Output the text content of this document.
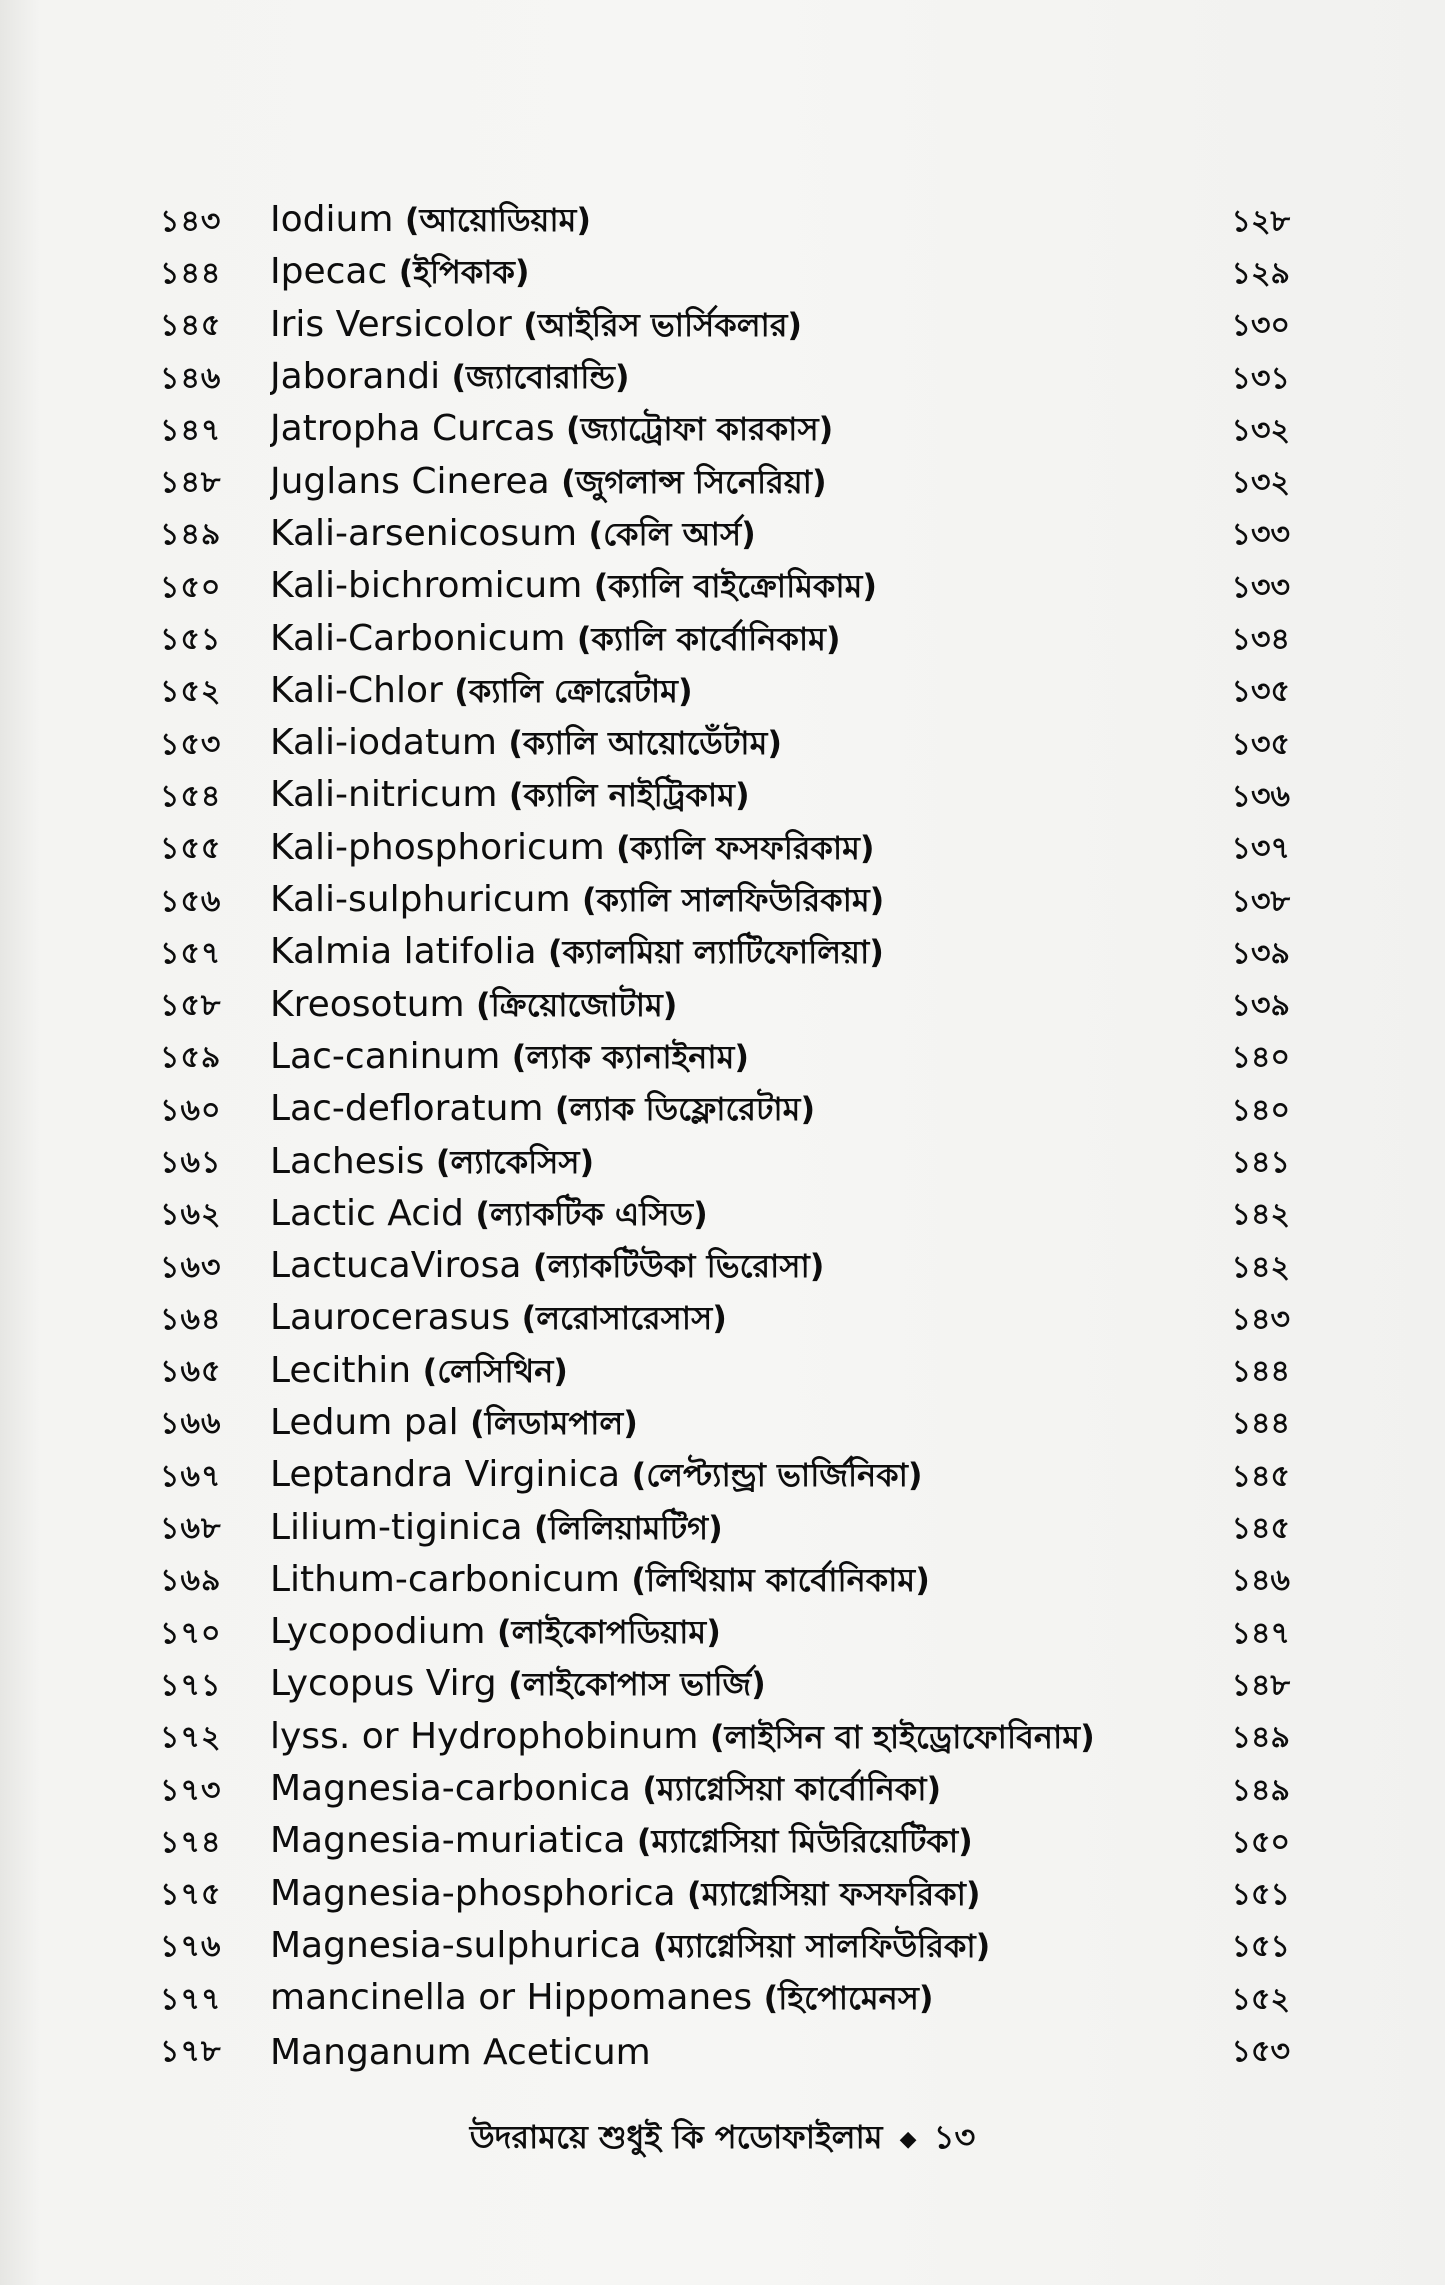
১৪৩	Iodium (আয়োডিয়াম)	১২৮
১৪৪	Ipecac (ইপিকাক)	১২৯
১৪৫	Iris Versicolor (আইরিস ভার্সিকলার)	১৩০
১৪৬	Jaborandi (জ্যাবোরান্ডি)	১৩১
১৪৭	Jatropha Curcas (জ্যাট্রোফা কারকাস)	১৩২
১৪৮	Juglans Cinerea (জুগলান্স সিনেরিয়া)	১৩২
১৪৯	Kali-arsenicosum (কেলি আর্স)	১৩৩
১৫০	Kali-bichromicum (ক্যালি বাইক্রোমিকাম)	১৩৩
১৫১	Kali-Carbonicum (ক্যালি কার্বোনিকাম)	১৩৪
১৫২	Kali-Chlor (ক্যালি ক্রোরেটাম)	১৩৫
১৫৩	Kali-iodatum (ক্যালি আয়োডেঁটাম)	১৩৫
১৫৪	Kali-nitricum (ক্যালি নাইট্রিকাম)	১৩৬
১৫৫	Kali-phosphoricum (ক্যালি ফসফরিকাম)	১৩৭
১৫৬	Kali-sulphuricum (ক্যালি সালফিউরিকাম)	১৩৮
১৫৭	Kalmia latifolia (ক্যালমিয়া ল্যাটিফোলিয়া)	১৩৯
১৫৮	Kreosotum (ক্রিয়োজোটাম)	১৩৯
১৫৯	Lac-caninum (ল্যাক ক্যানাইনাম)	১৪০
১৬০	Lac-defloratum (ল্যাক ডিফ্লোরেটাম)	১৪০
১৬১	Lachesis (ল্যাকেসিস)	১৪১
১৬২	Lactic Acid (ল্যাকটিক এসিড)	১৪২
১৬৩	LactucaVirosa (ল্যাকটিউকা ভিরোসা)	১৪২
১৬৪	Laurocerasus (লরোসারেসাস)	১৪৩
১৬৫	Lecithin (লেসিথিন)	১৪৪
১৬৬	Ledum pal (লিডামপাল)	১৪৪
১৬৭	Leptandra Virginica (লেপ্ট্যান্ড্রা ভার্জিনিকা)	১৪৫
১৬৮	Lilium-tiginica (লিলিয়ামটিগ)	১৪৫
১৬৯	Lithum-carbonicum (লিথিয়াম কার্বোনিকাম)	১৪৬
১৭০	Lycopodium (লাইকোপডিয়াম)	১৪৭
১৭১	Lycopus Virg (লাইকোপাস ভার্জি)	১৪৮
১৭২	lyss. or Hydrophobinum (লাইসিন বা হাইড্রোফোবিনাম)	১৪৯
১৭৩	Magnesia-carbonica (ম্যাগ্নেসিয়া কার্বোনিকা)	১৪৯
১৭৪	Magnesia-muriatica (ম্যাগ্নেসিয়া মিউরিয়েটিকা)	১৫০
১৭৫	Magnesia-phosphorica (ম্যাগ্নেসিয়া ফসফরিকা)	১৫১
১৭৬	Magnesia-sulphurica (ম্যাগ্নেসিয়া সালফিউরিকা)	১৫১
১৭৭	mancinella or Hippomanes (হিপোমেনস)	১৫২
১৭৮	Manganum Aceticum	১৫৩
উদরাময়ে শুধুই কি পডোফাইলাম ◆ ১৩
